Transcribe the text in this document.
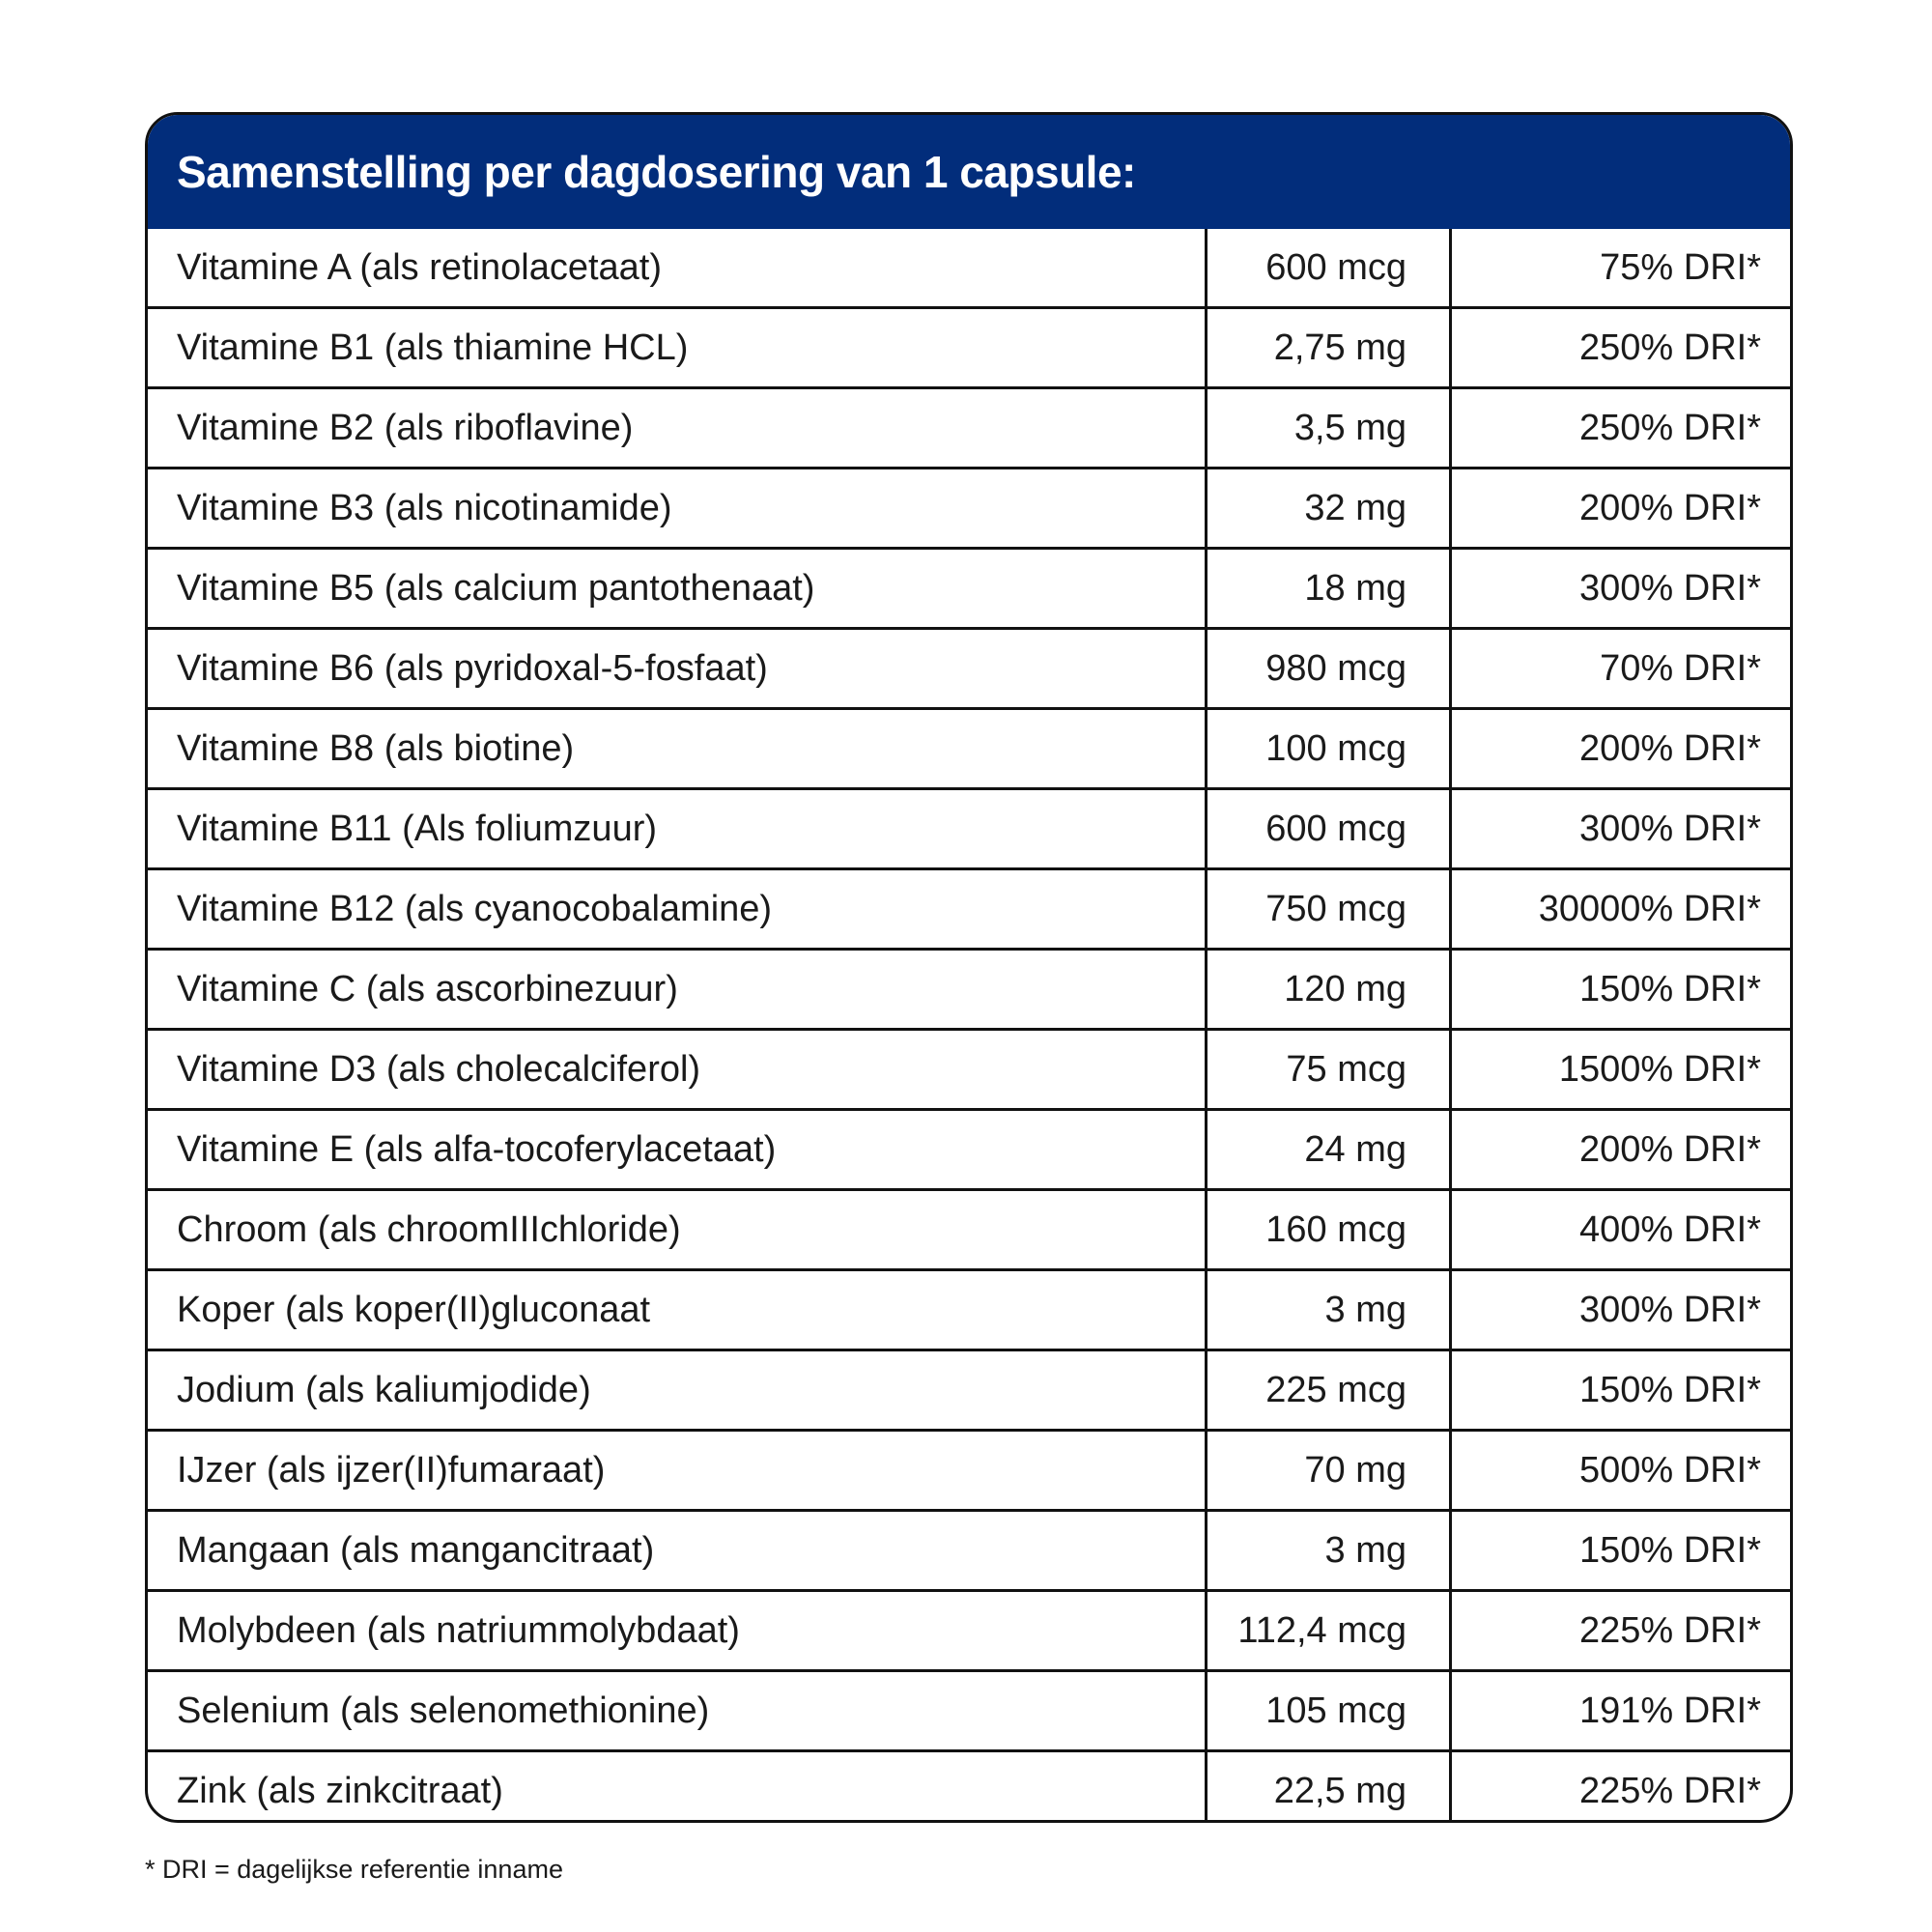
Samenstelling per dagdosering van 1 capsule:
Vitamine A (als retinolacetaat)	600 mcg	75% DRI*
Vitamine B1 (als thiamine HCL)	2,75 mg	250% DRI*
Vitamine B2 (als riboflavine)	3,5 mg	250% DRI*
Vitamine B3 (als nicotinamide)	32 mg	200% DRI*
Vitamine B5 (als calcium pantothenaat)	18 mg	300% DRI*
Vitamine B6 (als pyridoxal-5-fosfaat)	980 mcg	70% DRI*
Vitamine B8 (als biotine)	100 mcg	200% DRI*
Vitamine B11 (Als foliumzuur)	600 mcg	300% DRI*
Vitamine B12 (als cyanocobalamine)	750 mcg	30000% DRI*
Vitamine C (als ascorbinezuur)	120 mg	150% DRI*
Vitamine D3 (als cholecalciferol)	75 mcg	1500% DRI*
Vitamine E (als alfa-tocoferylacetaat)	24 mg	200% DRI*
Chroom (als chroomIIIchloride)	160 mcg	400% DRI*
Koper (als koper(II)gluconaat	3 mg	300% DRI*
Jodium (als kaliumjodide)	225 mcg	150% DRI*
IJzer (als ijzer(II)fumaraat)	70 mg	500% DRI*
Mangaan (als mangancitraat)	3 mg	150% DRI*
Molybdeen (als natriummolybdaat)	112,4 mcg	225% DRI*
Selenium (als selenomethionine)	105 mcg	191% DRI*
Zink (als zinkcitraat)	22,5 mg	225% DRI*
* DRI = dagelijkse referentie inname
